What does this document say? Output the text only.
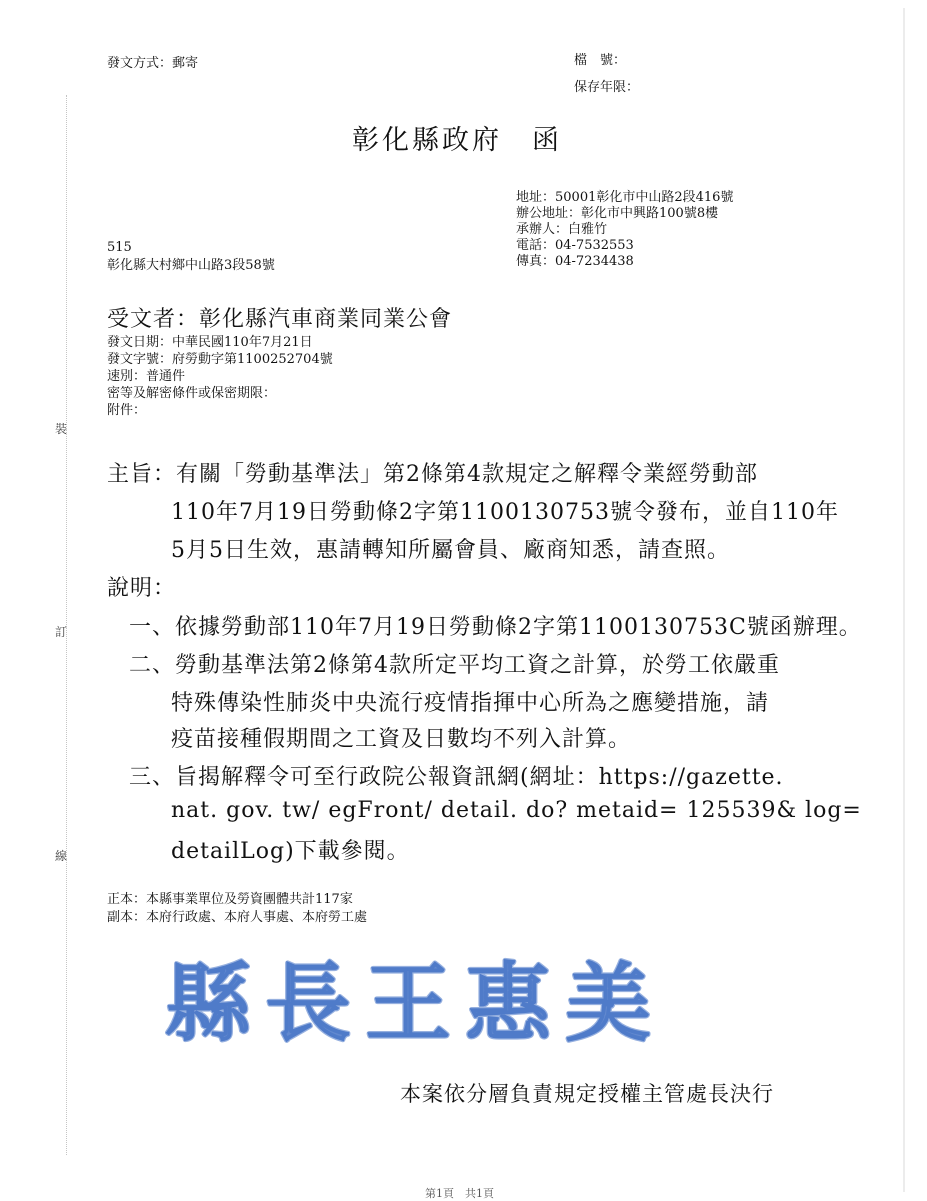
裝
訂
線
發文方式：郵寄	檔　號：
保存年限：
彰化縣政府　函
地址：50001彰化市中山路2段416號
辦公地址：彰化市中興路100號8樓
承辦人：白雅竹
電話：04-7532553
傳真：04-7234438
515
彰化縣大村鄉中山路3段58號
受文者：彰化縣汽車商業同業公會
發文日期：中華民國110年7月21日
發文字號：府勞動字第1100252704號
速別：普通件
密等及解密條件或保密期限：
附件：
主旨：有關「勞動基準法」第2條第4款規定之解釋令業經勞動部
110年7月19日勞動條2字第1100130753號令發布，並自110年
5月5日生效，惠請轉知所屬會員、廠商知悉，請查照。
說明：
一、依據勞動部110年7月19日勞動條2字第1100130753C號函辦理。
二、勞動基準法第2條第4款所定平均工資之計算，於勞工依嚴重
特殊傳染性肺炎中央流行疫情指揮中心所為之應變措施，請
疫苗接種假期間之工資及日數均不列入計算。
三、旨揭解釋令可至行政院公報資訊網(網址：https://gazette.
nat. gov. tw/ egFront/ detail. do? metaid= 125539& log=
detailLog)下載參閱。
正本：本縣事業單位及勞資團體共計117家
副本：本府行政處、本府人事處、本府勞工處
縣長王惠美
本案依分層負責規定授權主管處長決行
第1頁　共1頁
